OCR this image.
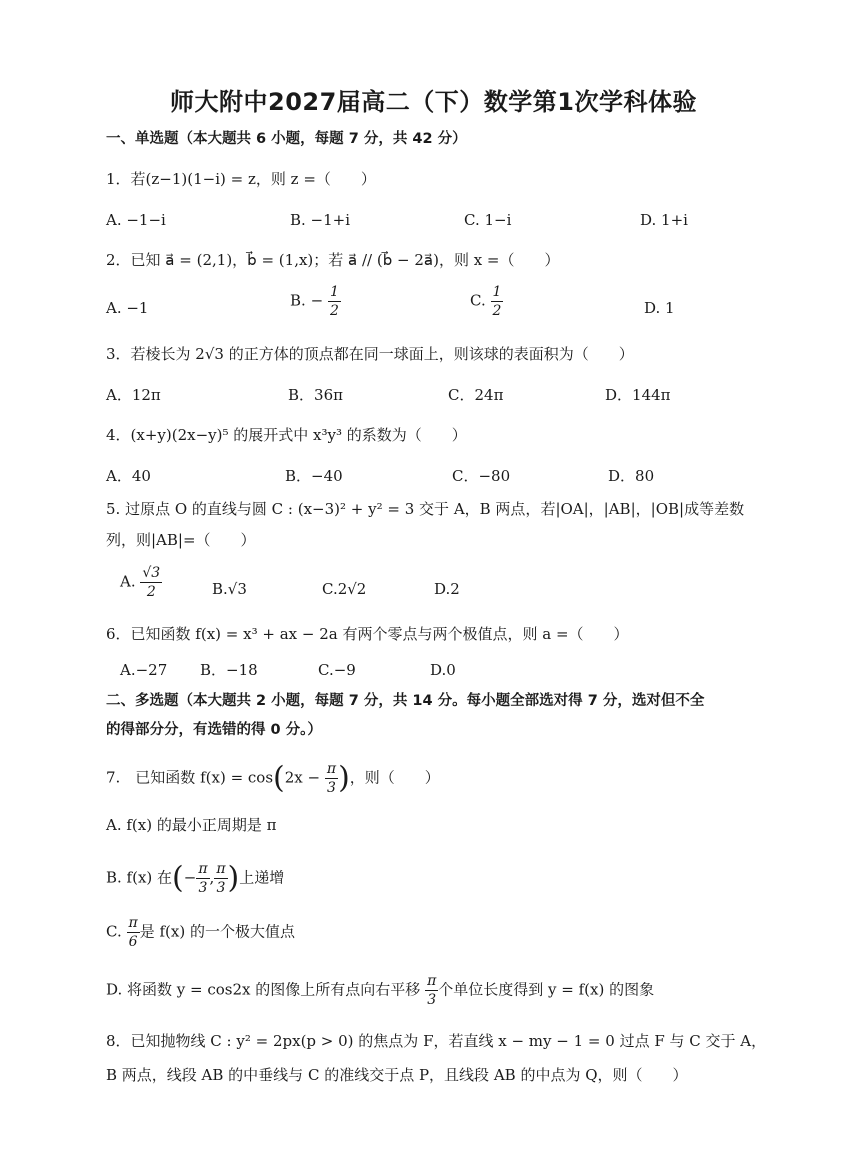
师大附中2027届高二（下）数学第1次学科体验
一、单选题（本大题共 6 小题，每题 7 分，共 42 分）
1．若(z−1)(1−i) = z，则 z =（　　）
A. −1−i	B. −1+i	C. 1−i	D. 1+i
2．已知 a⃗ = (2,1)，b⃗ = (1,x)；若 a⃗ // (b⃗ − 2a⃗)，则 x =（　　）
A. −1	B. − $\frac{1}{2}$	C. $\frac{1}{2}$	D. 1
3．若棱长为 2√3 的正方体的顶点都在同一球面上，则该球的表面积为（　　）
A．12π	B．36π	C．24π	D．144π
4．(x+y)(2x−y)⁵ 的展开式中 x³y³ 的系数为（　　）
A．40	B．−40	C．−80	D．80
5. 过原点 O 的直线与圆 C : (x−3)² + y² = 3 交于 A，B 两点，若|OA|，|AB|，|OB|成等差数
列，则|AB|=（　　）
A. $\frac{√3}{2}$	B.√3	C.2√2	D.2
6．已知函数 f(x) = x³ + ax − 2a 有两个零点与两个极值点，则 a =（　　）
A.−27 B．−18	C.−9	D.0
二、多选题（本大题共 2 小题，每题 7 分，共 14 分。每小题全部选对得 7 分，选对但不全
的得部分分，有选错的得 0 分。）
7.　已知函数 $f(x) = \cos(2x - \frac{\pi}{3}$ )，则（　　）
A. f(x) 的最小正周期是 π
B. f(x) 在(− $\frac{\pi}{3}$ , $\frac{\pi}{3}$ )上递增
C. $\frac{\pi}{6}$ 是 f(x) 的一个极大值点
D. 将函数 y = cos2x 的图像上所有点向右平移 $\frac{\pi}{3}$ 个单位长度得到 y = f(x) 的图象
8．已知抛物线 C : y² = 2px(p > 0) 的焦点为 F，若直线 x − my − 1 = 0 过点 F 与 C 交于 A，
B 两点，线段 AB 的中垂线与 C 的准线交于点 P，且线段 AB 的中点为 Q，则（　　）
